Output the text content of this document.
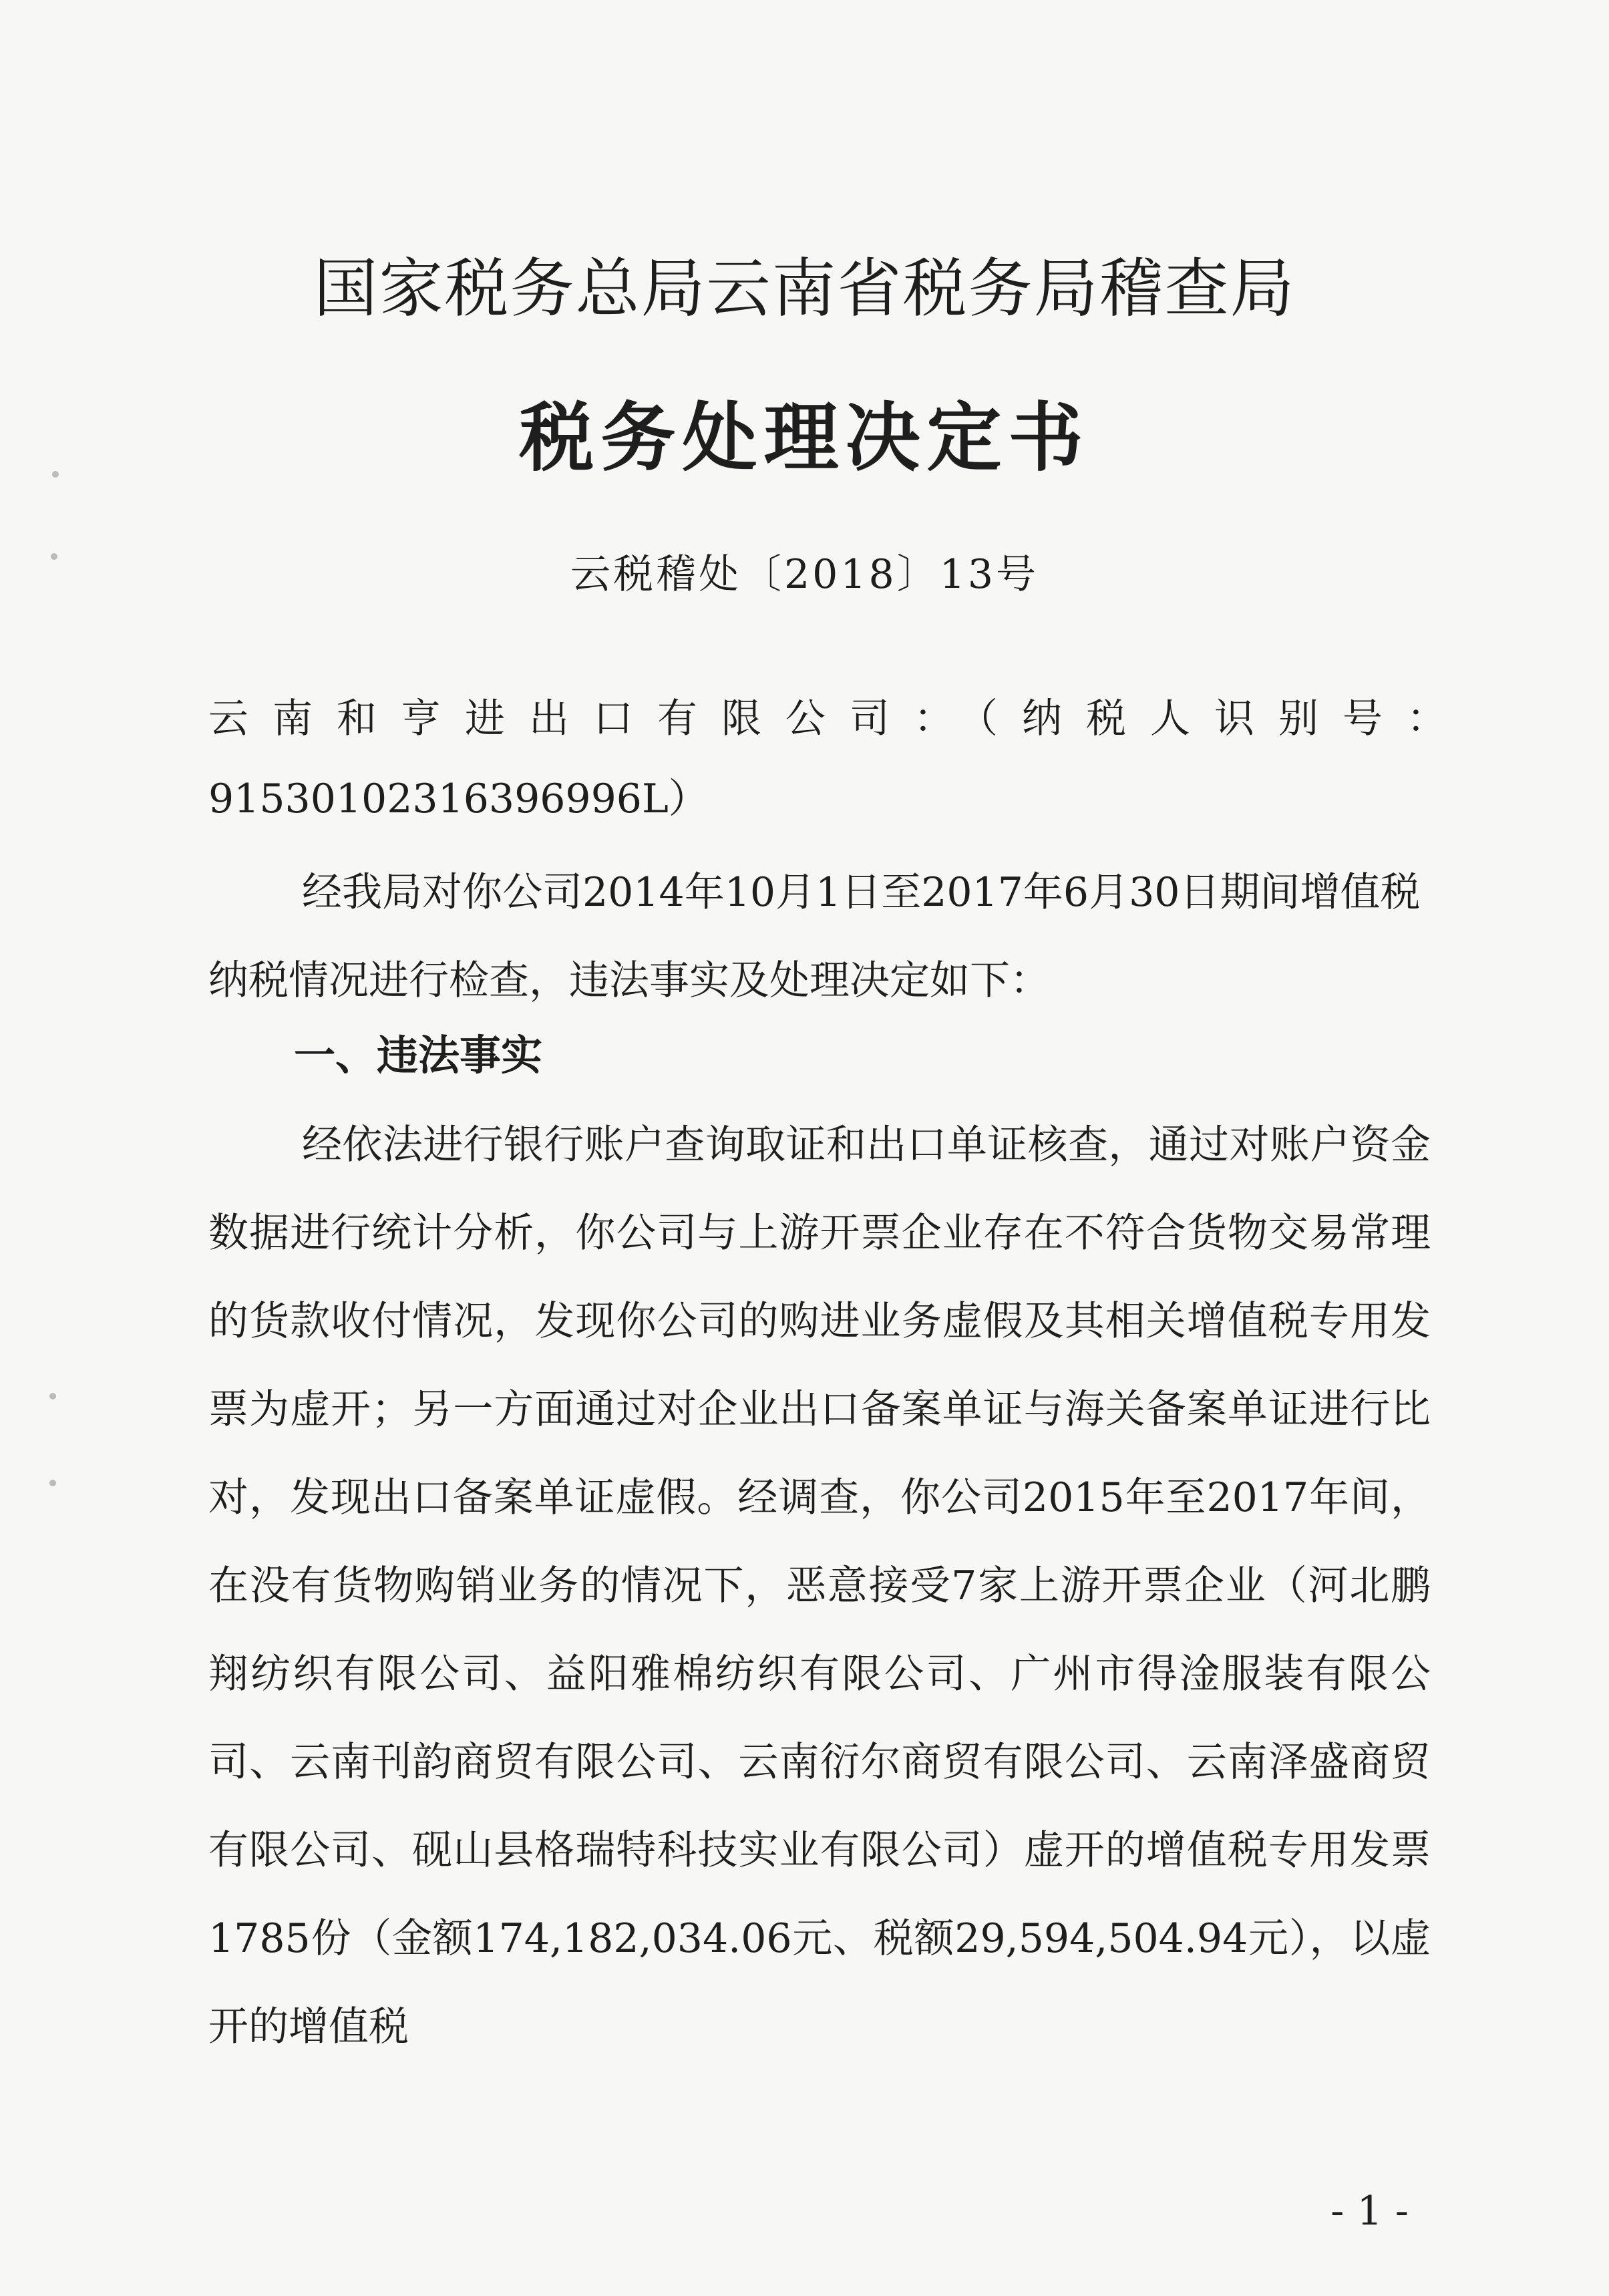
国家税务总局云南省税务局稽查局
税务处理决定书
云税稽处〔2018〕13号

云南和亨进出口有限公司：（纳税人识别号：

91530102316396996L）

经我局对你公司2014年10月1日至2017年6月30日期间增值税纳税情况进行检查，违法事实及处理决定如下：

一、违法事实

经依法进行银行账户查询取证和出口单证核查，通过对账户资金数据进行统计分析，你公司与上游开票企业存在不符合货物交易常理的货款收付情况，发现你公司的购进业务虚假及其相关增值税专用发票为虚开；另一方面通过对企业出口备案单证与海关备案单证进行比对，发现出口备案单证虚假。经调查，你公司2015年至2017年间，在没有货物购销业务的情况下，恶意接受7家上游开票企业（河北鹏翔纺织有限公司、益阳雅棉纺织有限公司、广州市得淦服装有限公司、云南刊韵商贸有限公司、云南衍尔商贸有限公司、云南泽盛商贸有限公司、砚山县格瑞特科技实业有限公司）虚开的增值税专用发票1785份（金额174,182,034.06元、税额29,594,504.94元），以虚开的增值税

- 1 -
